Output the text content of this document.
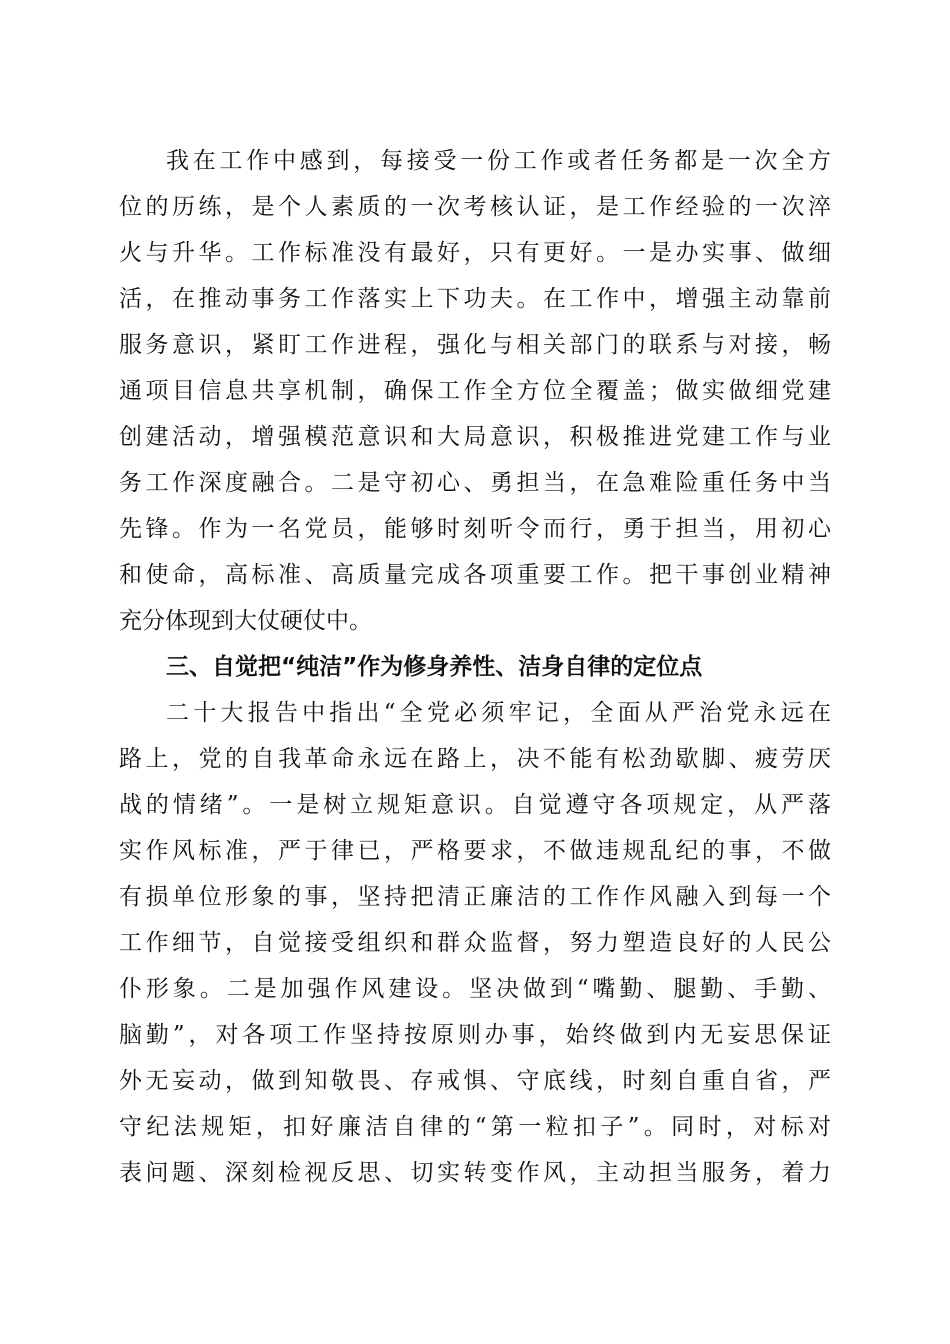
我在工作中感到，每接受一份工作或者任务都是一次全方
位的历练，是个人素质的一次考核认证，是工作经验的一次淬
火与升华。工作标准没有最好，只有更好。一是办实事、做细
活，在推动事务工作落实上下功夫。在工作中，增强主动靠前
服务意识，紧盯工作进程，强化与相关部门的联系与对接，畅
通项目信息共享机制，确保工作全方位全覆盖；做实做细党建
创建活动，增强模范意识和大局意识，积极推进党建工作与业
务工作深度融合。二是守初心、勇担当，在急难险重任务中当
先锋。作为一名党员，能够时刻听令而行，勇于担当，用初心
和使命，高标准、高质量完成各项重要工作。把干事创业精神
充分体现到大仗硬仗中。
三、自觉把“纯洁”作为修身养性、洁身自律的定位点
二十大报告中指出“全党必须牢记，全面从严治党永远在
路上，党的自我革命永远在路上，决不能有松劲歇脚、疲劳厌
战的情绪”。一是树立规矩意识。自觉遵守各项规定，从严落
实作风标准，严于律已，严格要求，不做违规乱纪的事，不做
有损单位形象的事，坚持把清正廉洁的工作作风融入到每一个
工作细节，自觉接受组织和群众监督，努力塑造良好的人民公
仆形象。二是加强作风建设。坚决做到“嘴勤、腿勤、手勤、
脑勤”，对各项工作坚持按原则办事，始终做到内无妄思保证
外无妄动，做到知敬畏、存戒惧、守底线，时刻自重自省，严
守纪法规矩，扣好廉洁自律的“第一粒扣子”。同时，对标对
表问题、深刻检视反思、切实转变作风，主动担当服务，着力
